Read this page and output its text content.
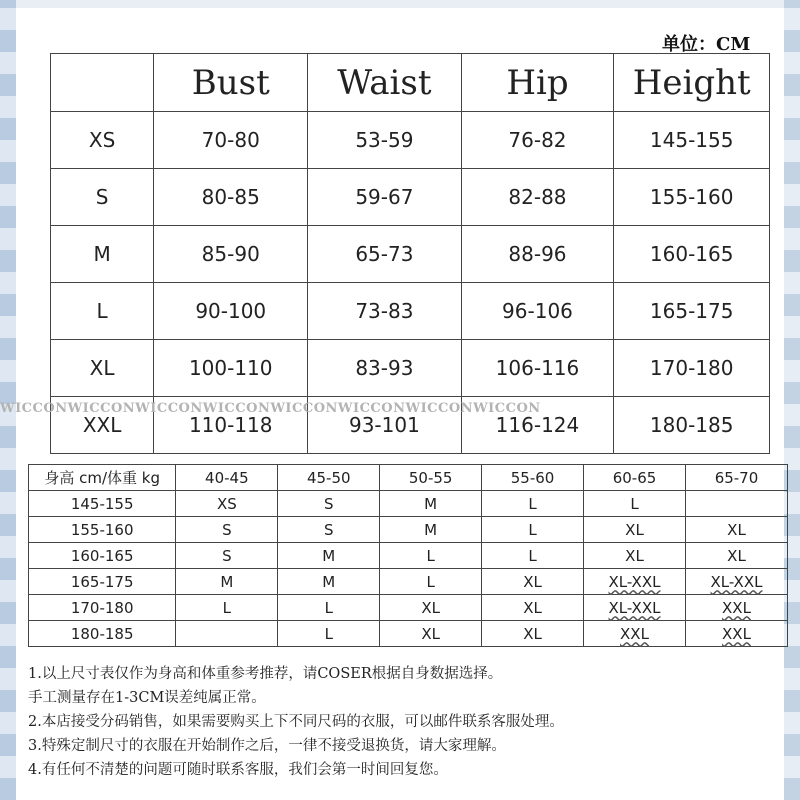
单位：CM
	Bust	Waist	Hip	Height
XS	70-80	53-59	76-82	145-155
S	80-85	59-67	82-88	155-160
M	85-90	65-73	88-96	160-165
L	90-100	73-83	96-106	165-175
XL	100-110	83-93	106-116	170-180
XXL	110-118	93-101	116-124	180-185
WICCONWICCONWICCONWICCONWICCONWICCONWICCONWICCON
身高 cm/体重 kg	40-45	45-50	50-55	55-60	60-65	65-70
145-155	XS	S	M	L	L	
155-160	S	S	M	L	XL	XL
160-165	S	M	L	L	XL	XL
165-175	M	M	L	XL	XL-XXL	XL-XXL
170-180	L	L	XL	XL	XL-XXL	XXL
180-185		L	XL	XL	XXL	XXL
1.以上尺寸表仅作为身高和体重参考推荐，请COSER根据自身数据选择。
手工测量存在1-3CM误差纯属正常。
2.本店接受分码销售，如果需要购买上下不同尺码的衣服，可以邮件联系客服处理。
3.特殊定制尺寸的衣服在开始制作之后，一律不接受退换货，请大家理解。
4.有任何不清楚的问题可随时联系客服，我们会第一时间回复您。
